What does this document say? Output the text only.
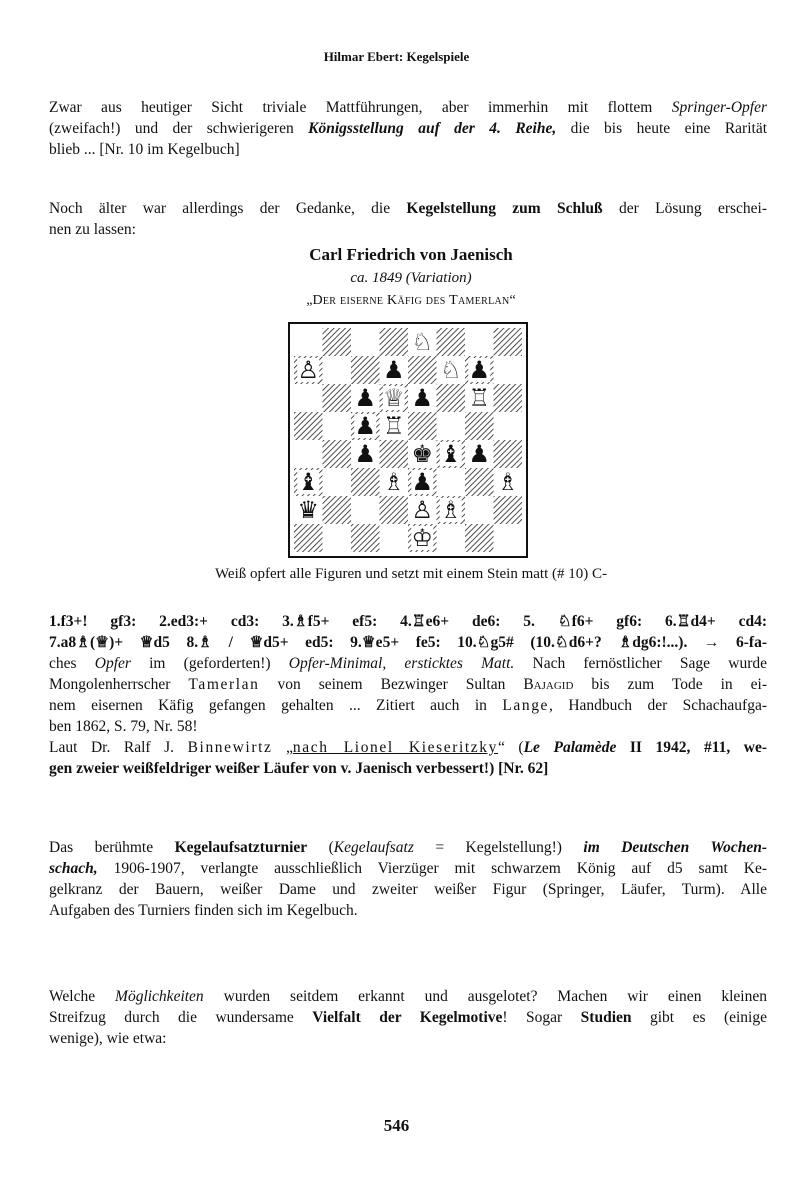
Hilmar Ebert: Kegelspiele

Zwar aus heutiger Sicht triviale Mattführungen, aber immerhin mit flottem Springer-Opfer
(zweifach!) und der schwierigeren Königsstellung auf der 4. Reihe, die bis heute eine Rarität
blieb ... [Nr. 10 im Kegelbuch]

Noch älter war allerdings der Gedanke, die Kegelstellung zum Schluß der Lösung erschei-
nen zu lassen:

Carl Friedrich von Jaenisch
ca. 1849 (Variation)
„Der eiserne Käfig des Tamerlan“
♘
♙	♟ ♘ ♟
♟ ♕ ♟ ♖
♖
♟
♟ ♚ ♝ ♟
♝	♗ ♟	♗
♛	♙ ♗
♔
Weiß opfert alle Figuren und setzt mit einem Stein matt (# 10) C-

1.f3+! gf3: 2.ed3:+ cd3: 3.♗f5+ ef5: 4.♖e6+ de6: 5. ♘f6+ gf6: 6.♖d4+ cd4:
7.a8♗(♕)+ ♕d5 8.♗ / ♕d5+ ed5: 9.♕e5+ fe5: 10.♘g5# (10.♘d6+? ♗dg6:!...). → 6-fa-
ches Opfer im (geforderten!) Opfer-Minimal, ersticktes Matt. Nach fernöstlicher Sage wurde
Mongolenherrscher Tamerlan von seinem Bezwinger Sultan Bajagid bis zum Tode in ei-
nem eisernen Käfig gefangen gehalten ... Zitiert auch in Lange, Handbuch der Schachaufga-
ben 1862, S. 79, Nr. 58!
Laut Dr. Ralf J. Binnewirtz „nach Lionel Kieseritzky“ (Le Palamède II 1942, #11, we-
gen zweier weißfeldriger weißer Läufer von v. Jaenisch verbessert!) [Nr. 62]

Das berühmte Kegelaufsatzturnier (Kegelaufsatz = Kegelstellung!) im Deutschen Wochen-
schach, 1906-1907, verlangte ausschließlich Vierzüger mit schwarzem König auf d5 samt Ke-
gelkranz der Bauern, weißer Dame und zweiter weißer Figur (Springer, Läufer, Turm). Alle
Aufgaben des Turniers finden sich im Kegelbuch.

Welche Möglichkeiten wurden seitdem erkannt und ausgelotet? Machen wir einen kleinen
Streifzug durch die wundersame Vielfalt der Kegelmotive! Sogar Studien gibt es (einige
wenige), wie etwa:

546
